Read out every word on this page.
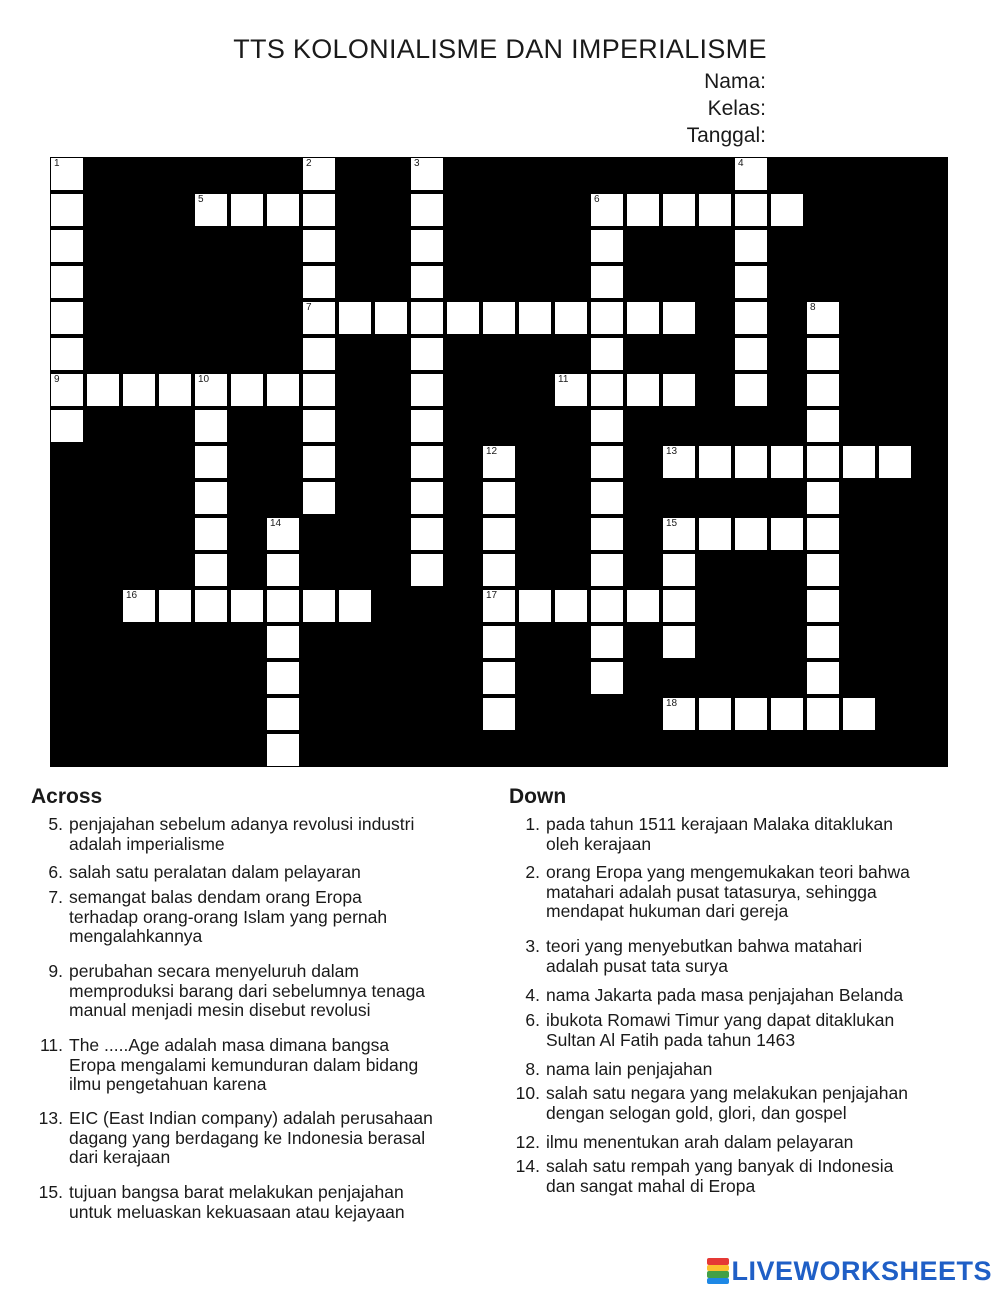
TTS KOLONIALISME DAN IMPERIALISME
Nama:
Kelas:
Tanggal:
1	2	3	4
5	6
7	8
9	10	11
12	13
14	15
16	17
18
Across
5. penjajahan sebelum adanya revolusi industri
adalah imperialisme
6. salah satu peralatan dalam pelayaran
7. semangat balas dendam orang Eropa
terhadap orang-orang Islam yang pernah
mengalahkannya
9. perubahan secara menyeluruh dalam
memproduksi barang dari sebelumnya tenaga
manual menjadi mesin disebut revolusi
11. The .....Age adalah masa dimana bangsa
Eropa mengalami kemunduran dalam bidang
ilmu pengetahuan karena
13. EIC (East Indian company) adalah perusahaan
dagang yang berdagang ke Indonesia berasal
dari kerajaan
15. tujuan bangsa barat melakukan penjajahan
untuk meluaskan kekuasaan atau kejayaan
Down
1. pada tahun 1511 kerajaan Malaka ditaklukan
oleh kerajaan
2. orang Eropa yang mengemukakan teori bahwa
matahari adalah pusat tatasurya, sehingga
mendapat hukuman dari gereja
3. teori yang menyebutkan bahwa matahari
adalah pusat tata surya
4. nama Jakarta pada masa penjajahan Belanda
6. ibukota Romawi Timur yang dapat ditaklukan
Sultan Al Fatih pada tahun 1463
8. nama lain penjajahan
10. salah satu negara yang melakukan penjajahan
dengan selogan gold, glori, dan gospel
12. ilmu menentukan arah dalam pelayaran
14. salah satu rempah yang banyak di Indonesia
dan sangat mahal di Eropa
LIVEWORKSHEETS
